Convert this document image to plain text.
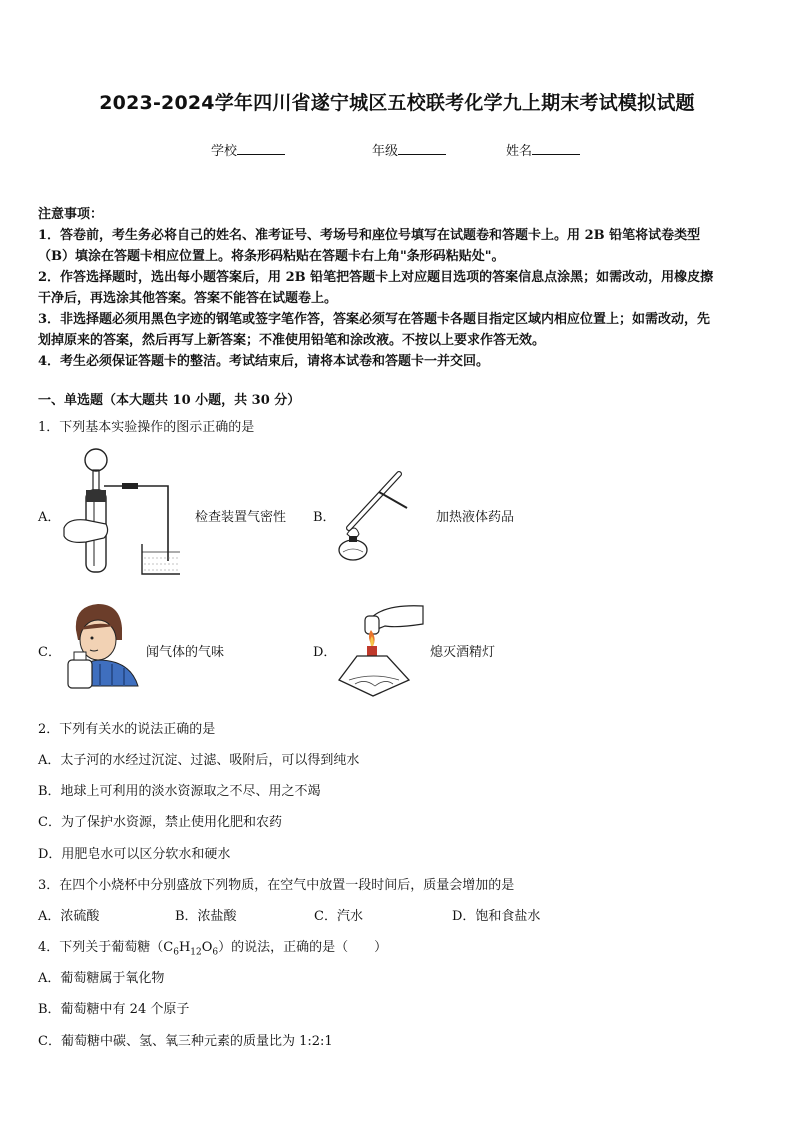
2023-2024学年四川省遂宁城区五校联考化学九上期末考试模拟试题
学校	年级	姓名
注意事项：
1．答卷前，考生务必将自己的姓名、准考证号、考场号和座位号填写在试题卷和答题卡上。用 2B 铅笔将试卷类型
（B）填涂在答题卡相应位置上。将条形码粘贴在答题卡右上角"条形码粘贴处"。
2．作答选择题时，选出每小题答案后，用 2B 铅笔把答题卡上对应题目选项的答案信息点涂黑；如需改动，用橡皮擦
干净后，再选涂其他答案。答案不能答在试题卷上。
3．非选择题必须用黑色字迹的钢笔或签字笔作答，答案必须写在答题卡各题目指定区域内相应位置上；如需改动，先
划掉原来的答案，然后再写上新答案；不准使用铅笔和涂改液。不按以上要求作答无效。
4．考生必须保证答题卡的整洁。考试结束后，请将本试卷和答题卡一并交回。
一、单选题（本大题共 10 小题，共 30 分）
1．下列基本实验操作的图示正确的是
A．	检查装置气密性 B．	加热液体药品
C．	闻气体的气味	D．	熄灭酒精灯
2．下列有关水的说法正确的是
A．太子河的水经过沉淀、过滤、吸附后，可以得到纯水
B．地球上可利用的淡水资源取之不尽、用之不竭
C．为了保护水资源，禁止使用化肥和农药
D．用肥皂水可以区分软水和硬水
3．在四个小烧杯中分别盛放下列物质，在空气中放置一段时间后，质量会增加的是
A．浓硫酸	B．浓盐酸	C．汽水	D．饱和食盐水
4．下列关于葡萄糖$(C_6H_{12}O_6)$的说法，正确的是（　　）
A．葡萄糖属于氧化物
B．葡萄糖中有 24 个原子
C．葡萄糖中碳、氢、氧三种元素的质量比为 1:2:1
